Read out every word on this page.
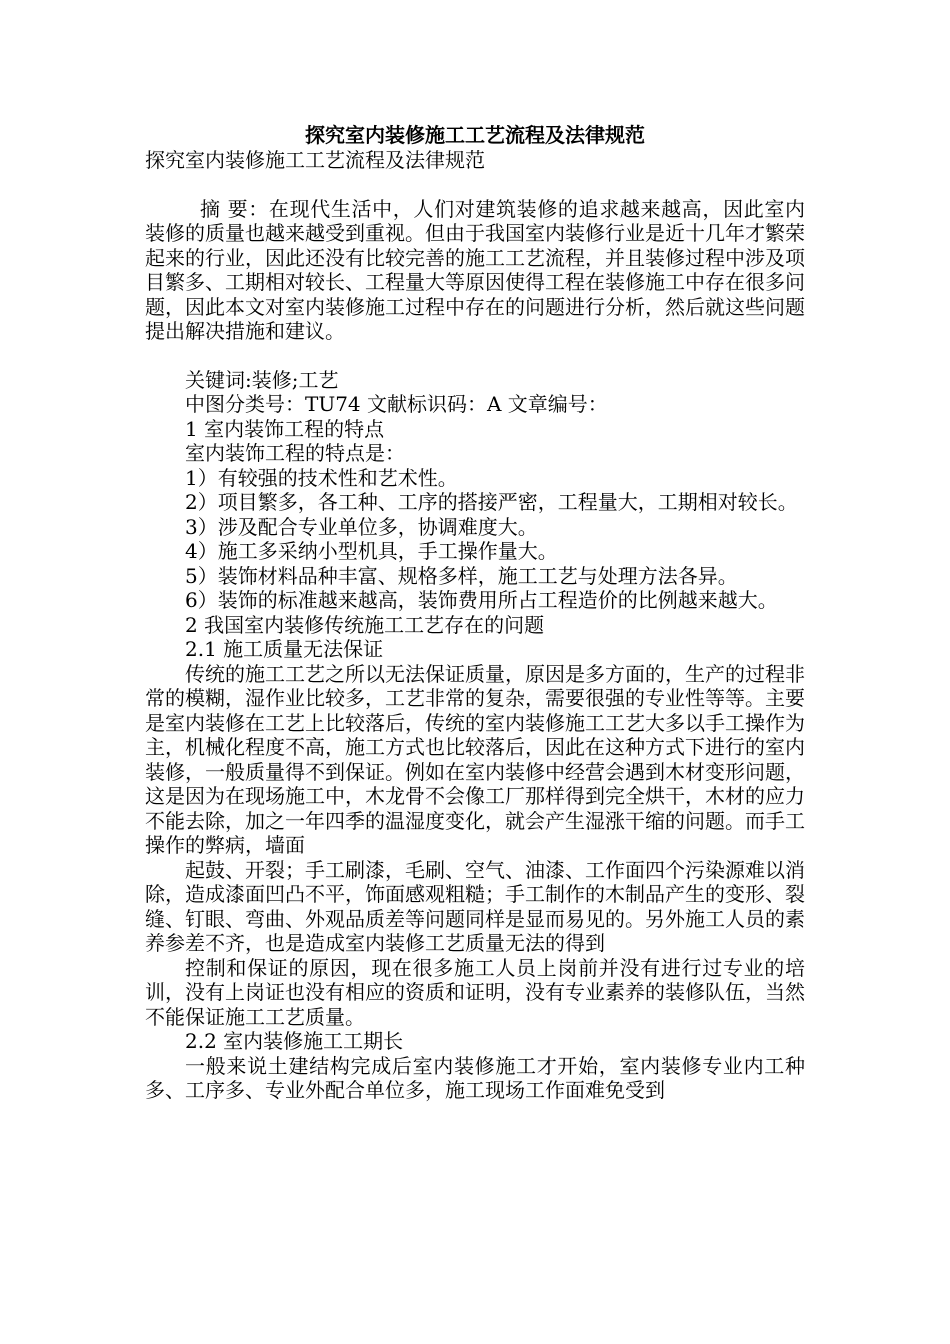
探究室内装修施工工艺流程及法律规范

探究室内装修施工工艺流程及法律规范

摘 要：在现代生活中，人们对建筑装修的追求越来越高，因此室内装修的质量也越来越受到重视。但由于我国室内装修行业是近十几年才繁荣起来的行业，因此还没有比较完善的施工工艺流程，并且装修过程中涉及项目繁多、工期相对较长、工程量大等原因使得工程在装修施工中存在很多问题，因此本文对室内装修施工过程中存在的问题进行分析，然后就这些问题提出解决措施和建议。

关键词:装修;工艺

中图分类号：TU74 文献标识码：A 文章编号：

1 室内装饰工程的特点

室内装饰工程的特点是：

1）有较强的技术性和艺术性。

2）项目繁多，各工种、工序的搭接严密，工程量大，工期相对较长。

3）涉及配合专业单位多，协调难度大。

4）施工多采纳小型机具，手工操作量大。

5）装饰材料品种丰富、规格多样，施工工艺与处理方法各异。

6）装饰的标准越来越高，装饰费用所占工程造价的比例越来越大。

2 我国室内装修传统施工工艺存在的问题

2.1 施工质量无法保证

传统的施工工艺之所以无法保证质量，原因是多方面的，生产的过程非常的模糊，湿作业比较多，工艺非常的复杂，需要很强的专业性等等。主要是室内装修在工艺上比较落后，传统的室内装修施工工艺大多以手工操作为主，机械化程度不高，施工方式也比较落后，因此在这种方式下进行的室内装修，一般质量得不到保证。例如在室内装修中经营会遇到木材变形问题，这是因为在现场施工中，木龙骨不会像工厂那样得到完全烘干，木材的应力不能去除，加之一年四季的温湿度变化，就会产生湿涨干缩的问题。而手工操作的弊病，墙面

起鼓、开裂；手工刷漆，毛刷、空气、油漆、工作面四个污染源难以消除，造成漆面凹凸不平，饰面感观粗糙；手工制作的木制品产生的变形、裂缝、钉眼、弯曲、外观品质差等问题同样是显而易见的。另外施工人员的素养参差不齐，也是造成室内装修工艺质量无法的得到

控制和保证的原因，现在很多施工人员上岗前并没有进行过专业的培训，没有上岗证也没有相应的资质和证明，没有专业素养的装修队伍，当然不能保证施工工艺质量。

2.2 室内装修施工工期长

一般来说土建结构完成后室内装修施工才开始，室内装修专业内工种多、工序多、专业外配合单位多，施工现场工作面难免受到
